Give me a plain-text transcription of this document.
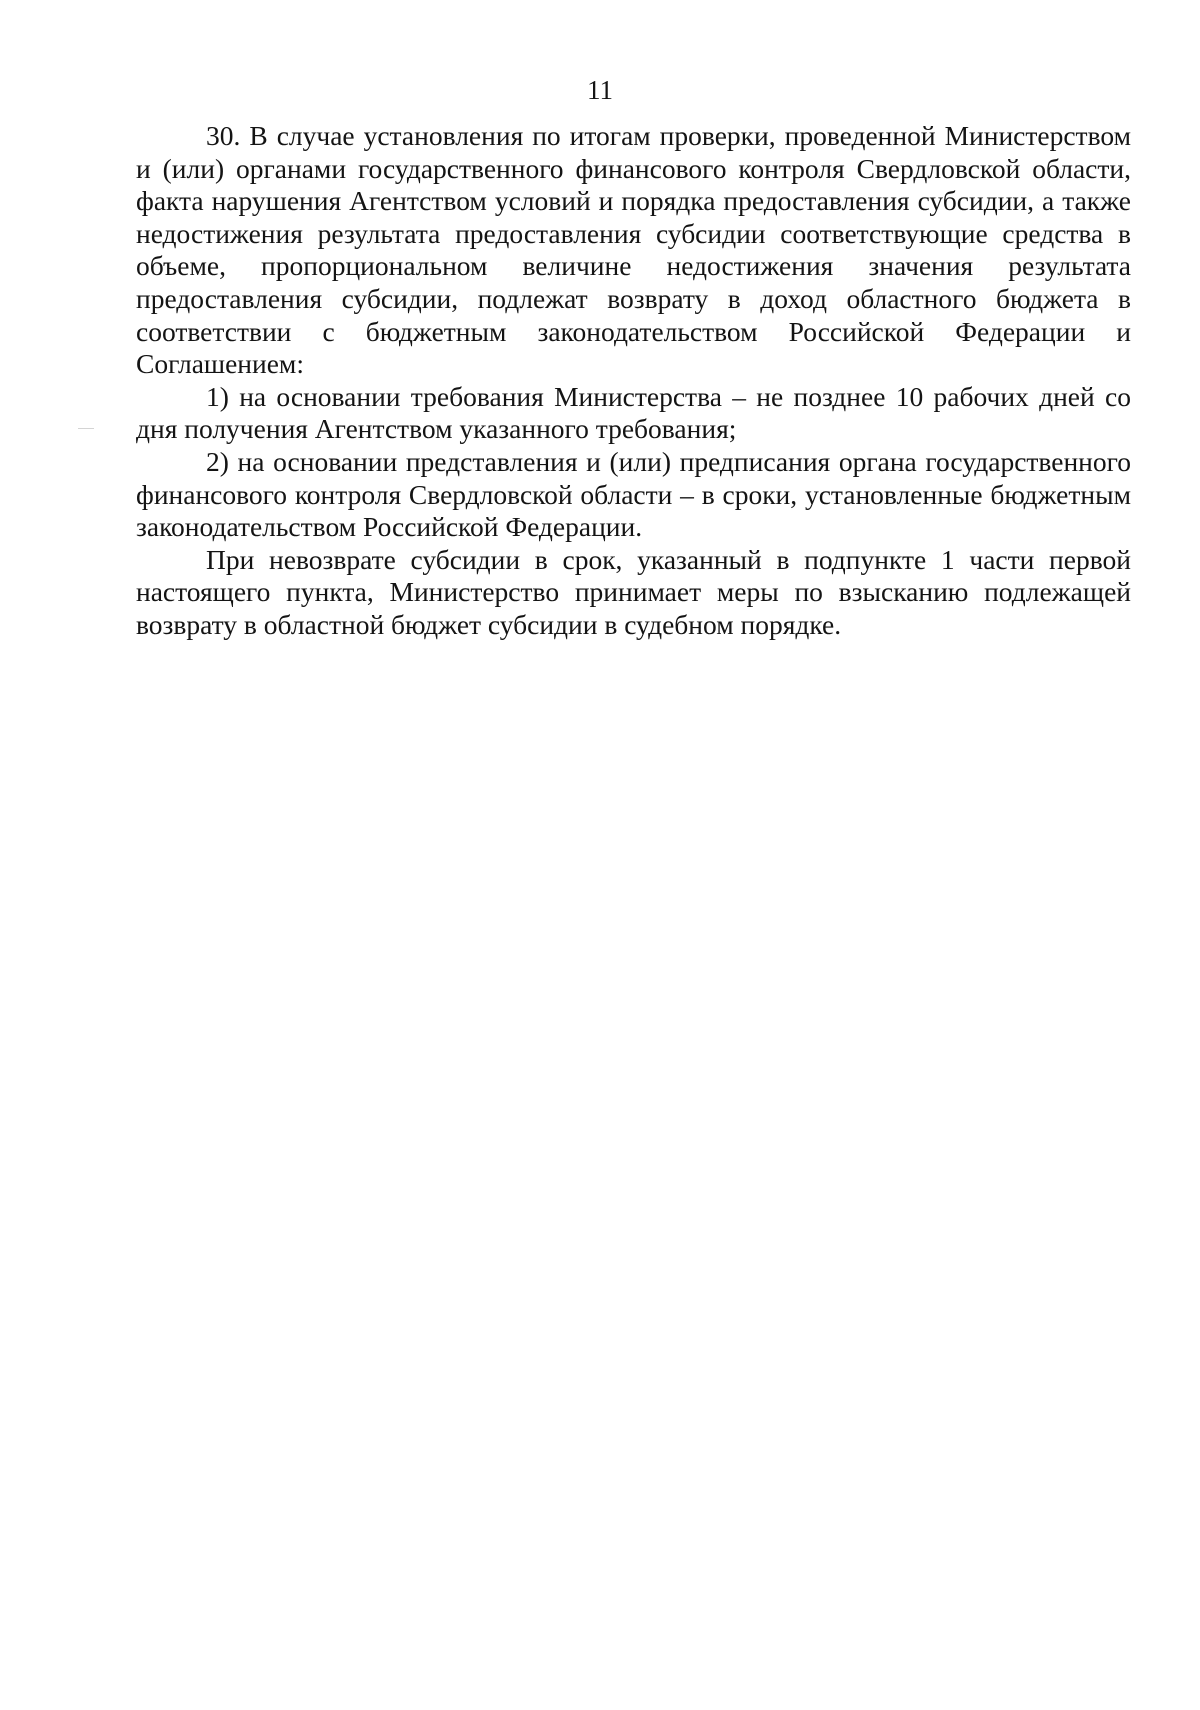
11

30. В случае установления по итогам проверки, проведенной Министерством и (или) органами государственного финансового контроля Свердловской области, факта нарушения Агентством условий и порядка предоставления субсидии, а также недостижения результата предоставления субсидии соответствующие средства в объеме, пропорциональном величине недостижения значения результата предоставления субсидии, подлежат возврату в доход областного бюджета в соответствии с бюджетным законодательством Российской Федерации и Соглашением:

1) на основании требования Министерства – не позднее 10 рабочих дней со дня получения Агентством указанного требования;

2) на основании представления и (или) предписания органа государственного финансового контроля Свердловской области – в сроки, установленные бюджетным законодательством Российской Федерации.

При невозврате субсидии в срок, указанный в подпункте 1 части первой настоящего пункта, Министерство принимает меры по взысканию подлежащей возврату в областной бюджет субсидии в судебном порядке.
